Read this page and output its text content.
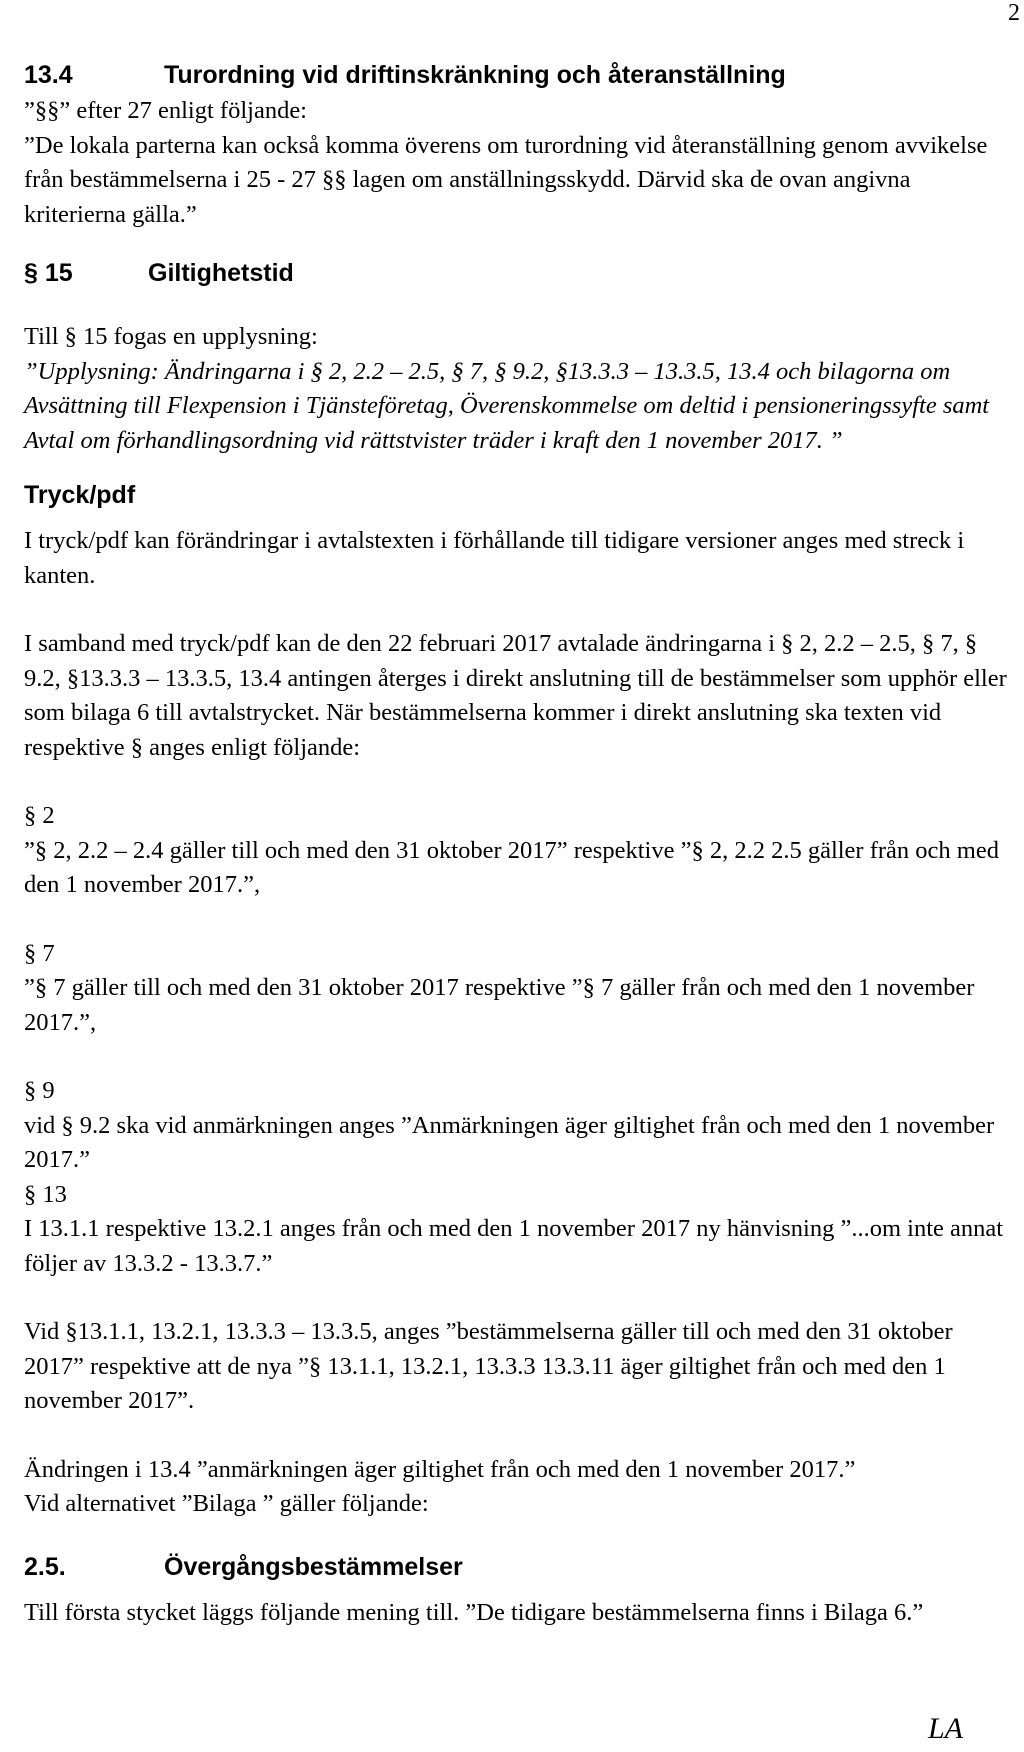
2
13.4	Turordning vid driftinskränkning och återanställning

”§§” efter 27 enligt följande:

”De lokala parterna kan också komma överens om turordning vid återanställning genom avvikelse från bestämmelserna i 25 - 27 §§ lagen om anställningsskydd. Därvid ska de ovan angivna kriterierna gälla.”

§ 15	Giltighetstid

Till § 15 fogas en upplysning:

”Upplysning: Ändringarna i § 2, 2.2 – 2.5, § 7, § 9.2, §13.3.3 – 13.3.5, 13.4 och bilagorna om Avsättning till Flexpension i Tjänsteföretag, Överenskommelse om deltid i pensioneringssyfte samt Avtal om förhandlingsordning vid rättstvister träder i kraft den 1 november 2017. ”

Tryck/pdf

I tryck/pdf kan förändringar i avtalstexten i förhållande till tidigare versioner anges med streck i kanten.

I samband med tryck/pdf kan de den 22 februari 2017 avtalade ändringarna i § 2, 2.2 – 2.5, § 7, § 9.2, §13.3.3 – 13.3.5, 13.4 antingen återges i direkt anslutning till de bestämmelser som upphör eller som bilaga 6 till avtalstrycket. När bestämmelserna kommer i direkt anslutning ska texten vid respektive § anges enligt följande:

§ 2

”§ 2, 2.2 – 2.4 gäller till och med den 31 oktober 2017” respektive ”§ 2, 2.2 2.5 gäller från och med den 1 november 2017.”,

§ 7

”§ 7 gäller till och med den 31 oktober 2017 respektive ”§ 7 gäller från och med den 1 november 2017.”,

§ 9

vid § 9.2 ska vid anmärkningen anges ”Anmärkningen äger giltighet från och med den 1 november 2017.”

§ 13

I 13.1.1 respektive 13.2.1 anges från och med den 1 november 2017 ny hänvisning ”...om inte annat följer av 13.3.2 - 13.3.7.”

Vid §13.1.1, 13.2.1, 13.3.3 – 13.3.5, anges ”bestämmelserna gäller till och med den 31 oktober 2017” respektive att de nya ”§ 13.1.1, 13.2.1, 13.3.3 13.3.11 äger giltighet från och med den 1 november 2017”.

Ändringen i 13.4 ”anmärkningen äger giltighet från och med den 1 november 2017.”

Vid alternativet ”Bilaga ” gäller följande:

2.5.	Övergångsbestämmelser

Till första stycket läggs följande mening till. ”De tidigare bestämmelserna finns i Bilaga 6.”

LA
